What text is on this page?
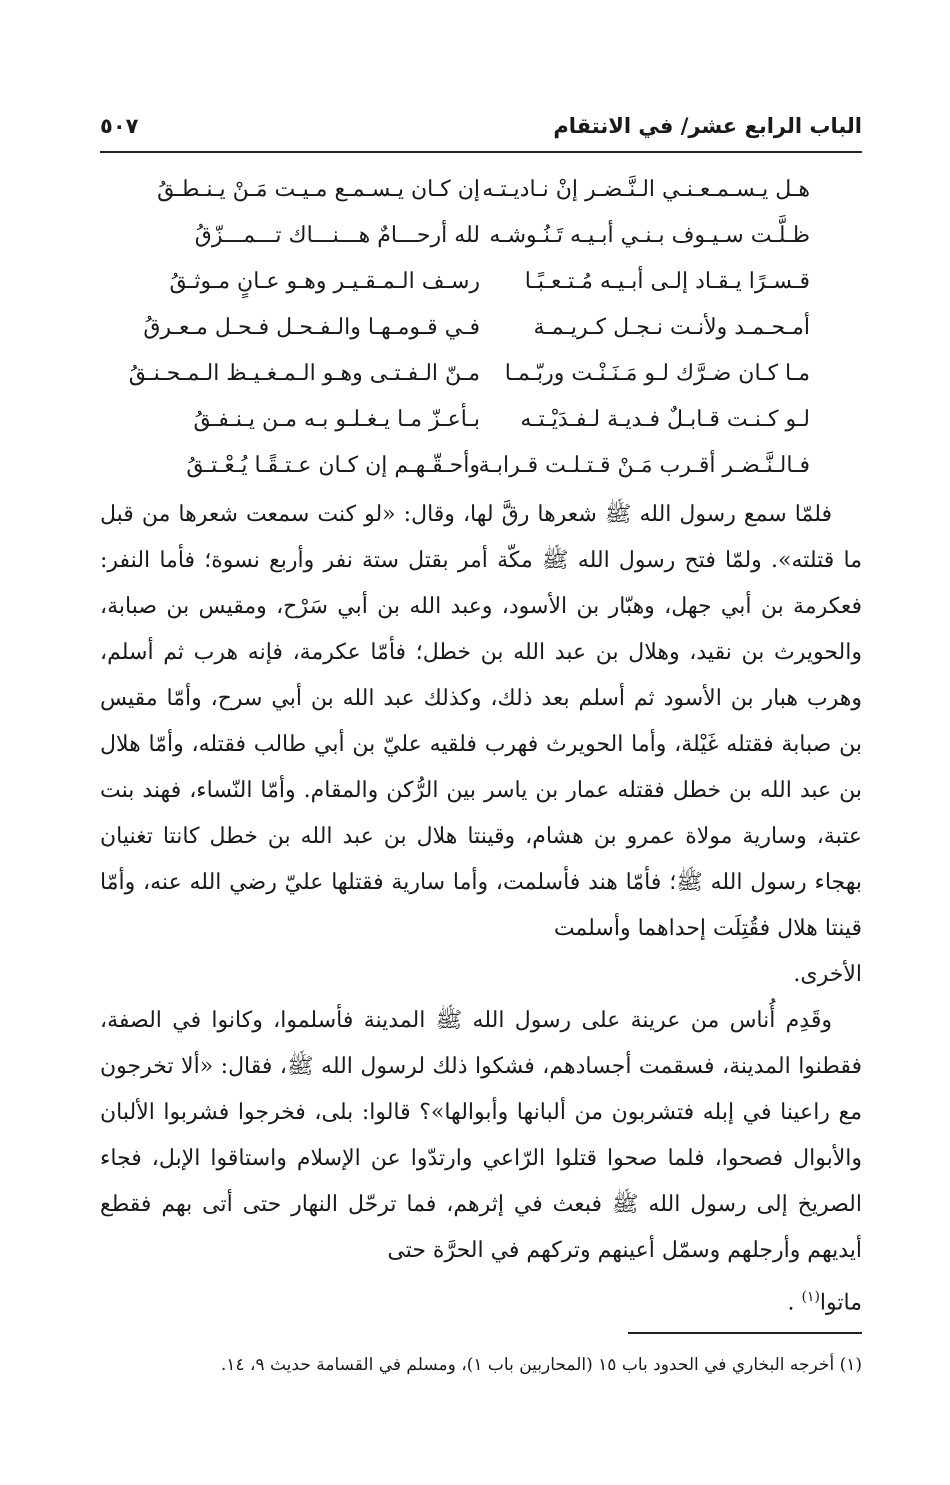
الباب الرابع عشر/ في الانتقام
٥٠٧
هـل يـسـمـعـنـي الـنَّـضـر إنْ نـاديـتـه
إن كـان يـسـمـع مـيـت مَـنْ يـنـطـقُ
ظـلَّـت سـيـوف بـنـي أبـيـه تَـنُـوشـه
لله أرحـــامٌ هـــنـــاك تـــمـــزّقُ
قـسـرًا يـقـاد إلـى أبـيـه مُـتـعـبًـا
رسـف الـمـقـيـر وهـو عـانٍ مـوثـقُ
أمـحـمـد ولأنـت نـجـل كـريـمـة
فـي قـومـهـا والـفـحـل فـحـل مـعـرقُ
مـا كـان ضـرَّك لـو مَـنَـنْـت وربّـمـا
مـنّ الـفـتـى وهـو الـمـغـيـظ الـمـحـنـقُ
لـو كـنـت قـابـلٌ فـديـة لـفـدَيْـتـه
بـأعـزّ مـا يـغـلـو بـه مـن يـنـفـقُ
فـالـنَّـضـر أقـرب مَـنْ قـتـلـت قـرابـة
وأحـقّـهـم إن كـان عـتـقًـا يُـعْـتـقُ

فلمّا سمع رسول الله ﷺ شعرها رقَّ لها، وقال: «لو كنت سمعت شعرها من قبل ما قتلته». ولمّا فتح رسول الله ﷺ مكّة أمر بقتل ستة نفر وأربع نسوة؛ فأما النفر: فعكرمة بن أبي جهل، وهبّار بن الأسود، وعبد الله بن أبي سَرْح، ومقيس بن صبابة، والحويرث بن نقيد، وهلال بن عبد الله بن خطل؛ فأمّا عكرمة، فإنه هرب ثم أسلم، وهرب هبار بن الأسود ثم أسلم بعد ذلك، وكذلك عبد الله بن أبي سرح، وأمّا مقيس بن صبابة فقتله غَيْلة، وأما الحويرث فهرب فلقيه عليّ بن أبي طالب فقتله، وأمّا هلال بن عبد الله بن خطل فقتله عمار بن ياسر بين الرُّكن والمقام. وأمّا النّساء، فهند بنت عتبة، وسارية مولاة عمرو بن هشام، وقينتا هلال بن عبد الله بن خطل كانتا تغنيان بهجاء رسول الله ﷺ؛ فأمّا هند فأسلمت، وأما سارية فقتلها عليّ رضي الله عنه، وأمّا قينتا هلال فقُتِلَت إحداهما وأسلمت

الأخرى.

وقَدِم أُناس من عرينة على رسول الله ﷺ المدينة فأسلموا، وكانوا في الصفة، فقطنوا المدينة، فسقمت أجسادهم، فشكوا ذلك لرسول الله ﷺ، فقال: «ألا تخرجون مع راعينا في إبله فتشربون من ألبانها وأبوالها»؟ قالوا: بلى، فخرجوا فشربوا الألبان والأبوال فصحوا، فلما صحوا قتلوا الرّاعي وارتدّوا عن الإسلام واستاقوا الإبل، فجاء الصريخ إلى رسول الله ﷺ فبعث في إثرهم، فما ترحّل النهار حتى أتى بهم فقطع أيديهم وأرجلهم وسمّل أعينهم وتركهم في الحرَّة حتى

ماتوا$^{(١)}$ .

(١) أخرجه البخاري في الحدود باب ١٥ (المحاربين باب ١)، ومسلم في القسامة حديث ٩، ١٤.
